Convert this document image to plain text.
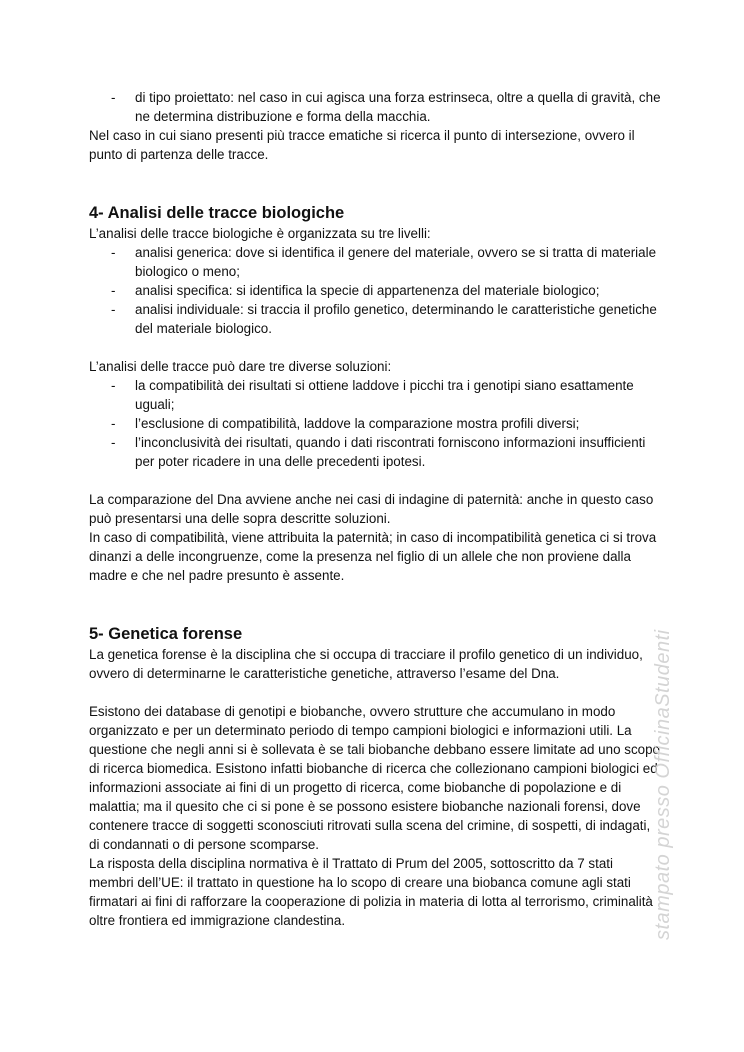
- di tipo proiettato: nel caso in cui agisca una forza estrinseca, oltre a quella di gravità, che ne determina distribuzione e forma della macchia.

Nel caso in cui siano presenti più tracce ematiche si ricerca il punto di intersezione, ovvero il punto di partenza delle tracce.

4- Analisi delle tracce biologiche

L’analisi delle tracce biologiche è organizzata su tre livelli:

- analisi generica: dove si identifica il genere del materiale, ovvero se si tratta di materiale biologico o meno;
- analisi specifica: si identifica la specie di appartenenza del materiale biologico;
- analisi individuale: si traccia il profilo genetico, determinando le caratteristiche genetiche del materiale biologico.

L’analisi delle tracce può dare tre diverse soluzioni:

- la compatibilità dei risultati si ottiene laddove i picchi tra i genotipi siano esattamente uguali;
- l’esclusione di compatibilità, laddove la comparazione mostra profili diversi;
- l’inconclusività dei risultati, quando i dati riscontrati forniscono informazioni insufficienti per poter ricadere in una delle precedenti ipotesi.

La comparazione del Dna avviene anche nei casi di indagine di paternità: anche in questo caso può presentarsi una delle sopra descritte soluzioni.

In caso di compatibilità, viene attribuita la paternità; in caso di incompatibilità genetica ci si trova dinanzi a delle incongruenze, come la presenza nel figlio di un allele che non proviene dalla madre e che nel padre presunto è assente.

5- Genetica forense

La genetica forense è la disciplina che si occupa di tracciare il profilo genetico di un individuo, ovvero di determinarne le caratteristiche genetiche, attraverso l’esame del Dna.

Esistono dei database di genotipi e biobanche, ovvero strutture che accumulano in modo organizzato e per un determinato periodo di tempo campioni biologici e informazioni utili. La questione che negli anni si è sollevata è se tali biobanche debbano essere limitate ad uno scopo di ricerca biomedica. Esistono infatti biobanche di ricerca che collezionano campioni biologici ed informazioni associate ai fini di un progetto di ricerca, come biobanche di popolazione e di malattia; ma il quesito che ci si pone è se possono esistere biobanche nazionali forensi, dove contenere tracce di soggetti sconosciuti ritrovati sulla scena del crimine, di sospetti, di indagati, di condannati o di persone scomparse.

La risposta della disciplina normativa è il Trattato di Prum del 2005, sottoscritto da 7 stati membri dell’UE: il trattato in questione ha lo scopo di creare una biobanca comune agli stati firmatari ai fini di rafforzare la cooperazione di polizia in materia di lotta al terrorismo, criminalità oltre frontiera ed immigrazione clandestina.	stampato presso OfficinaStudenti
